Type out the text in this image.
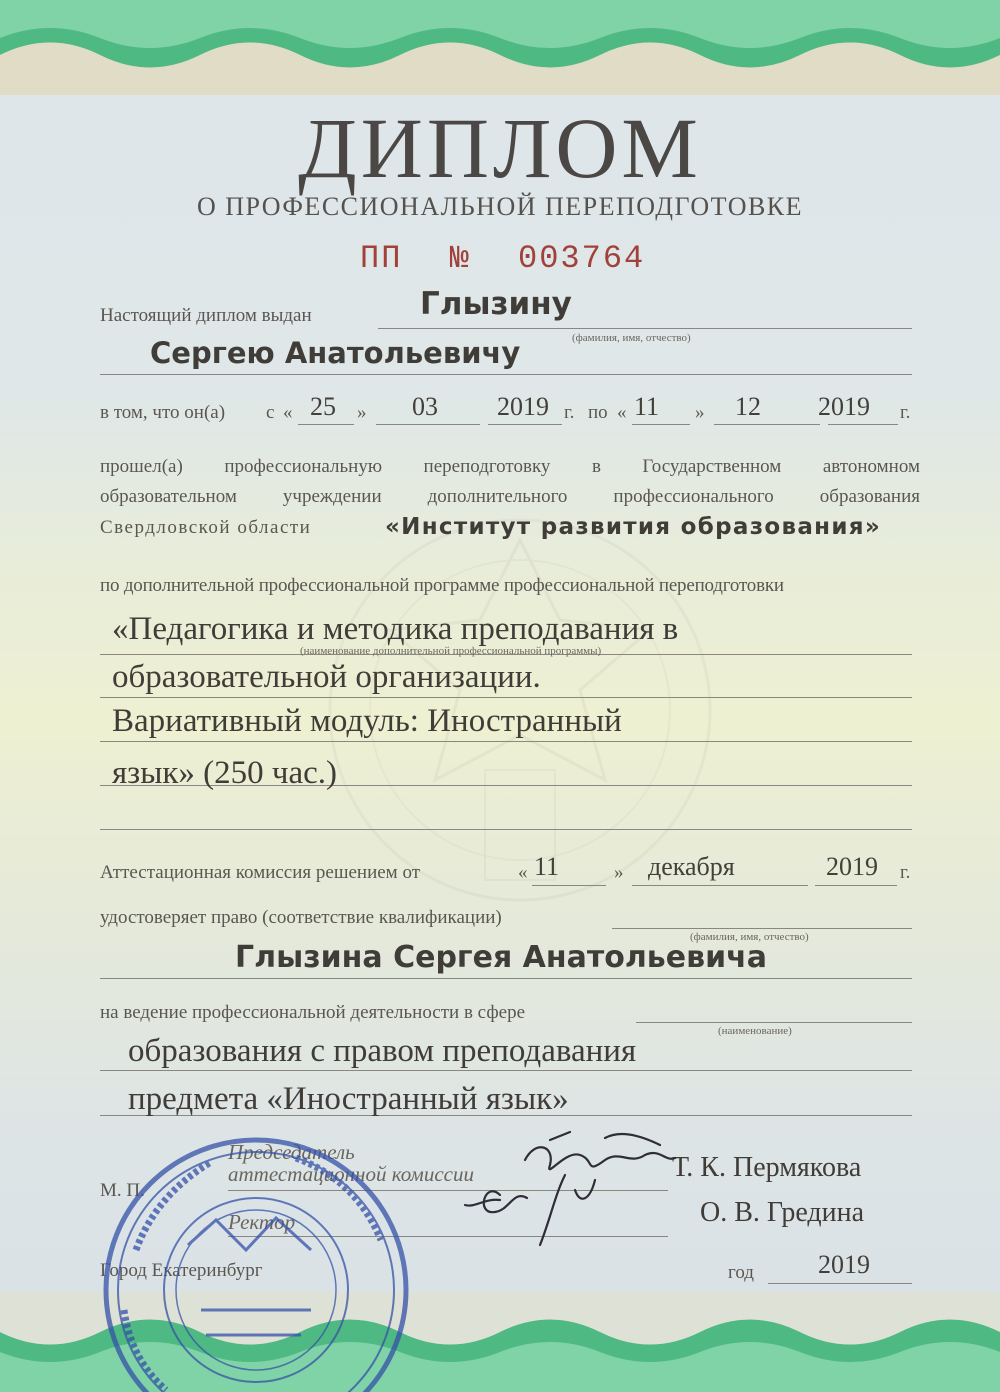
ДИПЛОМ
О ПРОФЕССИОНАЛЬНОЙ ПЕРЕПОДГОТОВКЕ
ПП № 003764
Настоящий диплом выдан	Глызину
(фамилия, имя, отчество)
Сергею Анатольевичу
в том, что он(а) с « 25 » 03 2019 г. по « 11 » 12 2019 г.
прошел(а) профессиональную переподготовку в Государственном автономном
образовательном учреждении дополнительного профессионального образования
Свердловской области	«Институт развития образования»
по дополнительной профессиональной программе профессиональной переподготовки
«Педагогика и методика преподавания в
(наименование дополнительной профессиональной программы)
образовательной организации.
Вариативный модуль: Иностранный
язык» (250 час.)
Аттестационная комиссия решением от	« 11	» декабря	2019 г.
удостоверяет право (соответствие квалификации)
(фамилия, имя, отчество)
Глызина Сергея Анатольевича
на ведение профессиональной деятельности в сфере
(наименование)
образования с правом преподавания
предмета «Иностранный язык»
Председатель
аттестационной комиссии	Т. К. Пермякова
М. П.
Ректор	О. В. Гредина
Город Екатеринбург	год 2019
